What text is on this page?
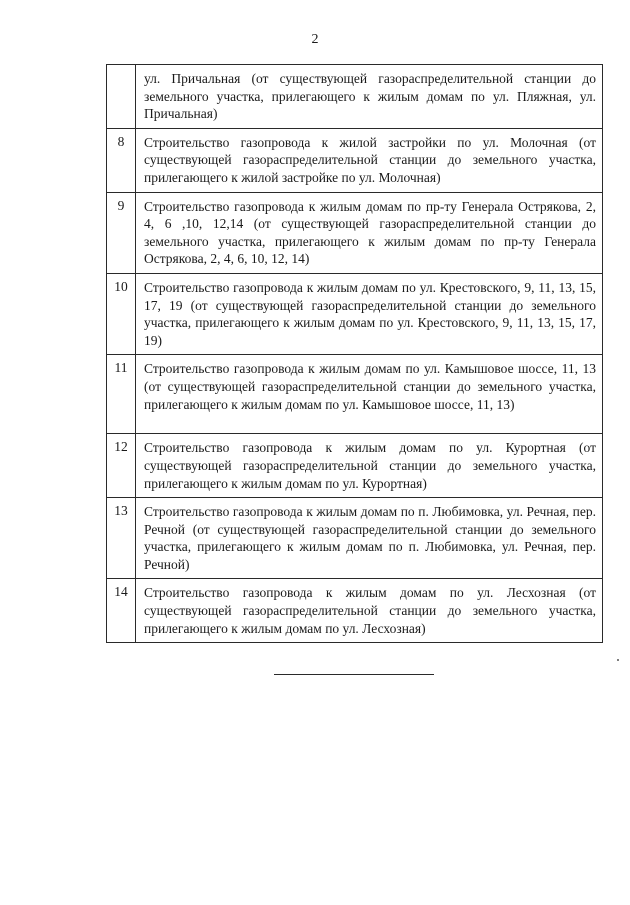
2

	ул. Причальная (от существующей газораспределительной станции до земельного участка, прилегающего к жилым домам по ул. Пляжная, ул. Причальная)

8	Строительство газопровода к жилой застройки по ул. Молочная (от существующей газораспределительной станции до земельного участка, прилегающего к жилой застройке по ул. Молочная)

9	Строительство газопровода к жилым домам по пр-ту Генерала Острякова, 2, 4, 6 ,10, 12,14 (от существующей газораспределительной станции до земельного участка, прилегающего к жилым домам по пр-ту Генерала Острякова, 2, 4, 6, 10, 12, 14)

10	Строительство газопровода к жилым домам по ул. Крестовского, 9, 11, 13, 15, 17, 19 (от существующей газораспределительной станции до земельного участка, прилегающего к жилым домам по ул. Крестовского, 9, 11, 13, 15, 17, 19)

11	Строительство газопровода к жилым домам по ул. Камышовое шоссе, 11, 13 (от существующей газораспределительной станции до земельного участка, прилегающего к жилым домам по ул. Камышовое шоссе, 11, 13)

12	Строительство газопровода к жилым домам по ул. Курортная (от существующей газораспределительной станции до земельного участка, прилегающего к жилым домам по ул. Курортная)

13	Строительство газопровода к жилым домам по п. Любимовка, ул. Речная, пер. Речной (от существующей газораспределительной станции до земельного участка, прилегающего к жилым домам по п. Любимовка, ул. Речная, пер. Речной)

14	Строительство газопровода к жилым домам по ул. Лесхозная (от существующей газораспределительной станции до земельного участка, прилегающего к жилым домам по ул. Лесхозная)
